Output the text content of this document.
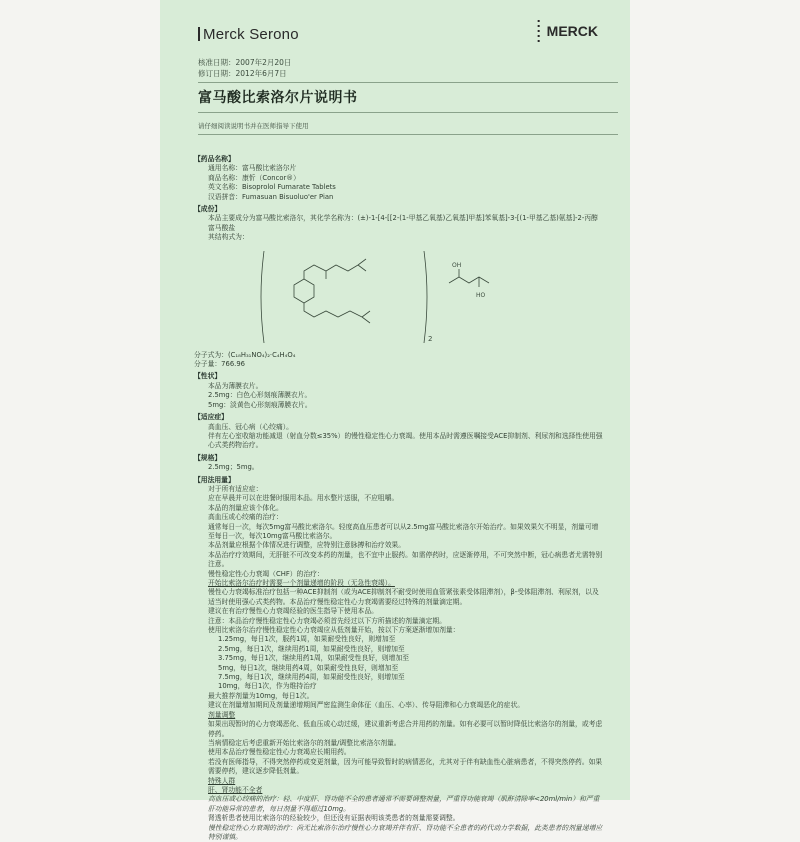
Merck Serono	MERCK
核准日期：2007年2月20日
修订日期：2012年6月7日
富马酸比索洛尔片说明书
请仔细阅读说明书并在医师指导下使用
【药品名称】
通用名称：富马酸比索洛尔片
商品名称：康忻（Concor®）
英文名称：Bisoprolol Fumarate Tablets
汉语拼音：Fumasuan Bisuoluo'er Pian
【成份】
本品主要成分为富马酸比索洛尔，其化学名称为：(±)-1-[4-[[2-(1-甲基乙氧基)乙氧基]甲基]苯氧基]-3-[(1-甲基乙基)氨基]-2-丙醇富马酸盐
其结构式为：
OH
HO
2
分子式为：(C₁₈H₃₁NO₄)₂·C₄H₄O₄
分子量：766.96
【性状】
本品为薄膜衣片。
2.5mg：白色心形刻痕薄膜衣片。
5mg：淡黄色心形刻痕薄膜衣片。
【适应症】
高血压、冠心病（心绞痛）。
伴有左心室收缩功能减退（射血分数≤35%）的慢性稳定性心力衰竭。使用本品时需遵医嘱接受ACE抑制剂、利尿剂和选择性使用强心式类药物治疗。
【规格】
2.5mg；5mg。
【用法用量】
对于所有适应症：
应在早晨并可以在进餐时服用本品。用水整片送服，不应咀嚼。
本品的剂量应该个体化。
高血压或心绞痛的治疗：
通常每日一次，每次5mg富马酸比索洛尔。轻度高血压患者可以从2.5mg富马酸比索洛尔开始治疗。如果效果欠不明显，剂量可增至每日一次，每次10mg富马酸比索洛尔。
本品剂量应根据个体情况进行调整，应特别注意脉搏和治疗效果。
本品治疗疗效期间，无肝脏不可改变本药的剂量，也不宜中止服药。如需停药时，应逐渐停用，不可突然中断，冠心病患者尤需特别注意。
慢性稳定性心力衰竭（CHF）的治疗：
开始比索洛尔治疗时需要一个剂量递增的阶段（无急性衰竭）。
慢性心力衰竭标准治疗包括一种ACE抑制剂（或为ACE抑制剂不耐受时使用血管紧张素受体阻滞剂），β-受体阻滞剂、利尿剂，以及适当时使用强心式类药物。本品治疗慢性稳定性心力衰竭需要经过特殊的剂量滴定期。
建议在有治疗慢性心力衰竭经验的医生指导下使用本品。
注意：本品治疗慢性稳定性心力衰竭必须首先经过以下方所描述的剂量滴定期。
使用比索洛尔治疗慢性稳定性心力衰竭应从低剂量开始，按以下方案逐渐增加剂量：
1.25mg，每日1次，服药1周，如果耐受性良好，则增加至
2.5mg，每日1次，继续用药1周，如果耐受性良好，则增加至
3.75mg，每日1次，继续用药1周，如果耐受性良好，则增加至
5mg，每日1次，继续用药4周，如果耐受性良好，则增加至
7.5mg，每日1次，继续用药4周，如果耐受性良好，则增加至
10mg，每日1次，作为维持治疗
最大推荐剂量为10mg，每日1次。
建议在剂量增加期间及剂量递增期间严密监测生命体征（血压、心率）、传导阻滞和心力衰竭恶化的症状。
剂量调整
如果出现暂时的心力衰竭恶化、低血压或心动过缓，建议重新考虑合并用药的剂量。如有必要可以暂时降低比索洛尔的剂量，或考虑停药。
当病情稳定后考虑重新开始比索洛尔的剂量/调整比索洛尔剂量。
使用本品治疗慢性稳定性心力衰竭应长期用药。
若没有医师指导，不得突然停药或变更剂量，因为可能导致暂时的病情恶化，尤其对于伴有缺血性心脏病患者，不得突然停药。如果需要停药，建议逐步降低剂量。
特殊人群
肝、肾功能不全者
高血压或心绞痛的治疗：轻、中度肝、肾功能不全的患者通常不需要调整剂量，严重肾功能衰竭（肌酐清除率<20ml/min）和严重肝功能异常的患者，每日剂量不得超过10mg。
肾透析患者使用比索洛尔的经验较少，但还没有证据表明该类患者的剂量需要调整。
慢性稳定性心力衰竭的治疗：尚无比索洛尔治疗慢性心力衰竭并伴有肝、肾功能不全患者的药代动力学数据，此类患者的剂量递增应特别谨慎。
